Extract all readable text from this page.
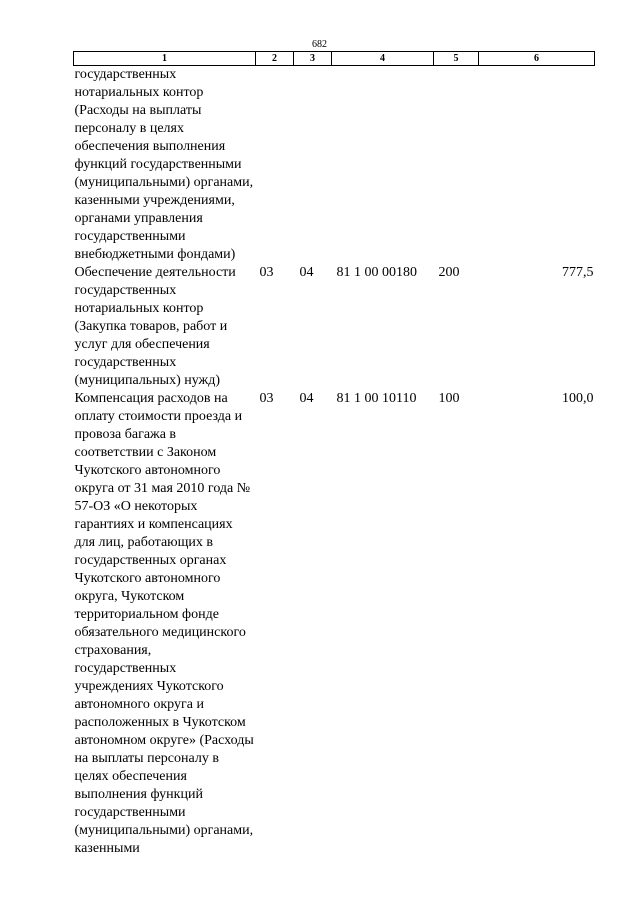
682
1	2	3	4	5	6
государственных нотариальных контор (Расходы на выплаты персоналу в целях обеспечения выполнения функций государственными (муниципальными) органами, казенными учреждениями, органами управления государственными внебюджетными фондами)					
Обеспечение деятельности государственных нотариальных контор (Закупка товаров, работ и услуг для обеспечения государственных (муниципальных) нужд)	03	04	81 1 00 00180	200	777,5
Компенсация расходов на оплату стоимости проезда и провоза багажа в соответствии с Законом Чукотского автономного округа от 31 мая 2010 года № 57-ОЗ «О некоторых гарантиях и компенсациях для лиц, работающих в государственных органах Чукотского автономного округа, Чукотском территориальном фонде обязательного медицинского страхования, государственных учреждениях Чукотского автономного округа и расположенных в Чукотском автономном округе» (Расходы на выплаты персоналу в целях обеспечения выполнения функций государственными (муниципальными) органами, казенными	03	04	81 1 00 10110	100	100,0
